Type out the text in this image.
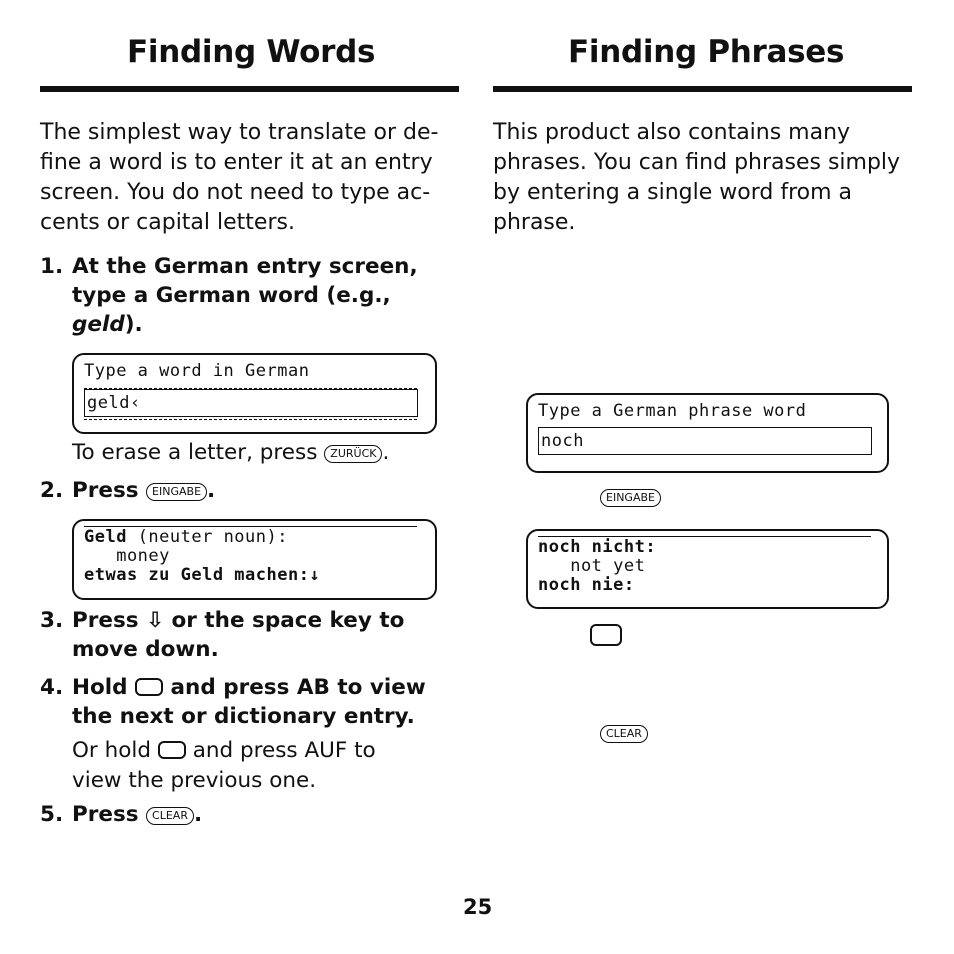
Finding Words
The simplest way to translate or de-
fine a word is to enter it at an entry
screen. You do not need to type ac-
cents or capital letters.
1. At the German entry screen,
type a German word (e.g.,
geld).
Type a word in German
geld‹
To erase a letter, press ZURÜCK .
2. Press EINGABE .
Geld (neuter noun):
money
etwas zu Geld machen:↓
3. Press ⇩ or the space key to
move down.
4. Hold and press AB to view
the next or dictionary entry.
Or hold and press AUF to
view the previous one.
5. Press CLEAR .
Finding Phrases
This product also contains many
phrases. You can find phrases simply
by entering a single word from a
phrase.
Type a German phrase word
noch
EINGABE
noch nicht:
not yet
noch nie:
CLEAR
25
